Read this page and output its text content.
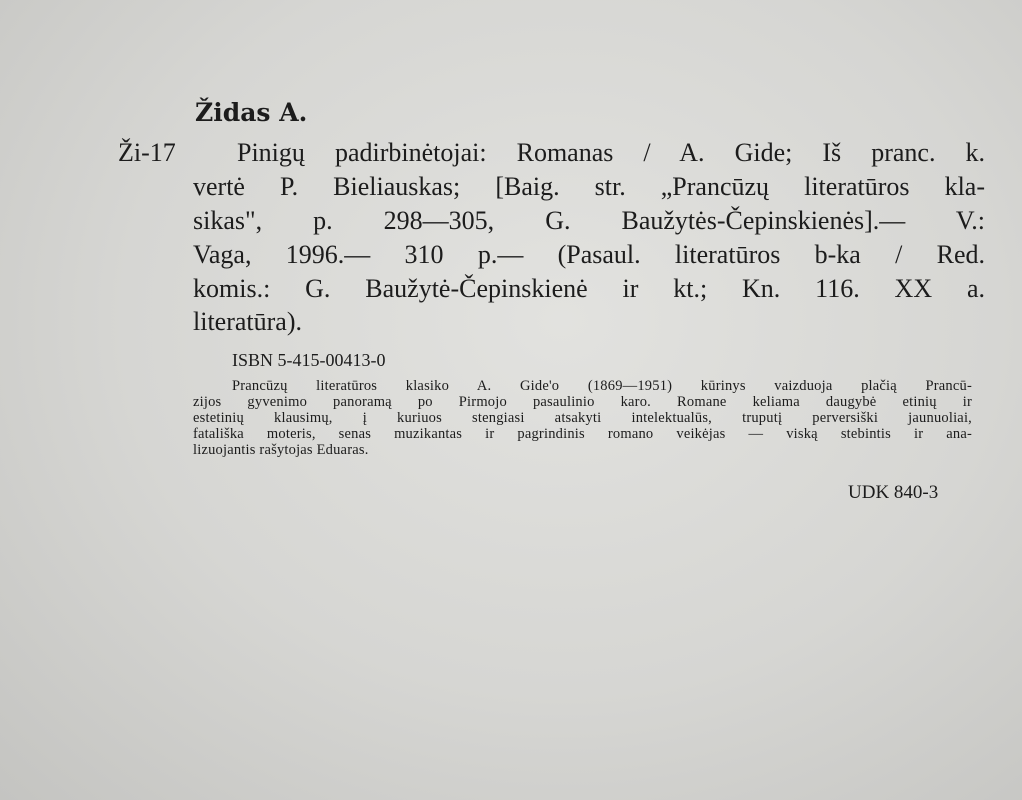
Židas A.
Ži-17 Pinigų padirbinėtojai: Romanas / A. Gide; Iš pranc. k.
vertė P. Bieliauskas; [Baig. str. „Prancūzų literatūros kla-
sikas", p. 298—305, G. Baužytės-Čepinskienės].— V.:
Vaga, 1996.— 310 p.— (Pasaul. literatūros b-ka / Red.
komis.: G. Baužytė-Čepinskienė ir kt.; Kn. 116. XX a.
literatūra).
ISBN 5-415-00413-0
Prancūzų literatūros klasiko A. Gide'o (1869—1951) kūrinys vaizduoja plačią Prancū-
zijos gyvenimo panoramą po Pirmojo pasaulinio karo. Romane keliama daugybė etinių ir
estetinių klausimų, į kuriuos stengiasi atsakyti intelektualūs, truputį perversiški jaunuoliai,
fatališka moteris, senas muzikantas ir pagrindinis romano veikėjas — viską stebintis ir ana-
lizuojantis rašytojas Eduaras.
UDK 840-3
